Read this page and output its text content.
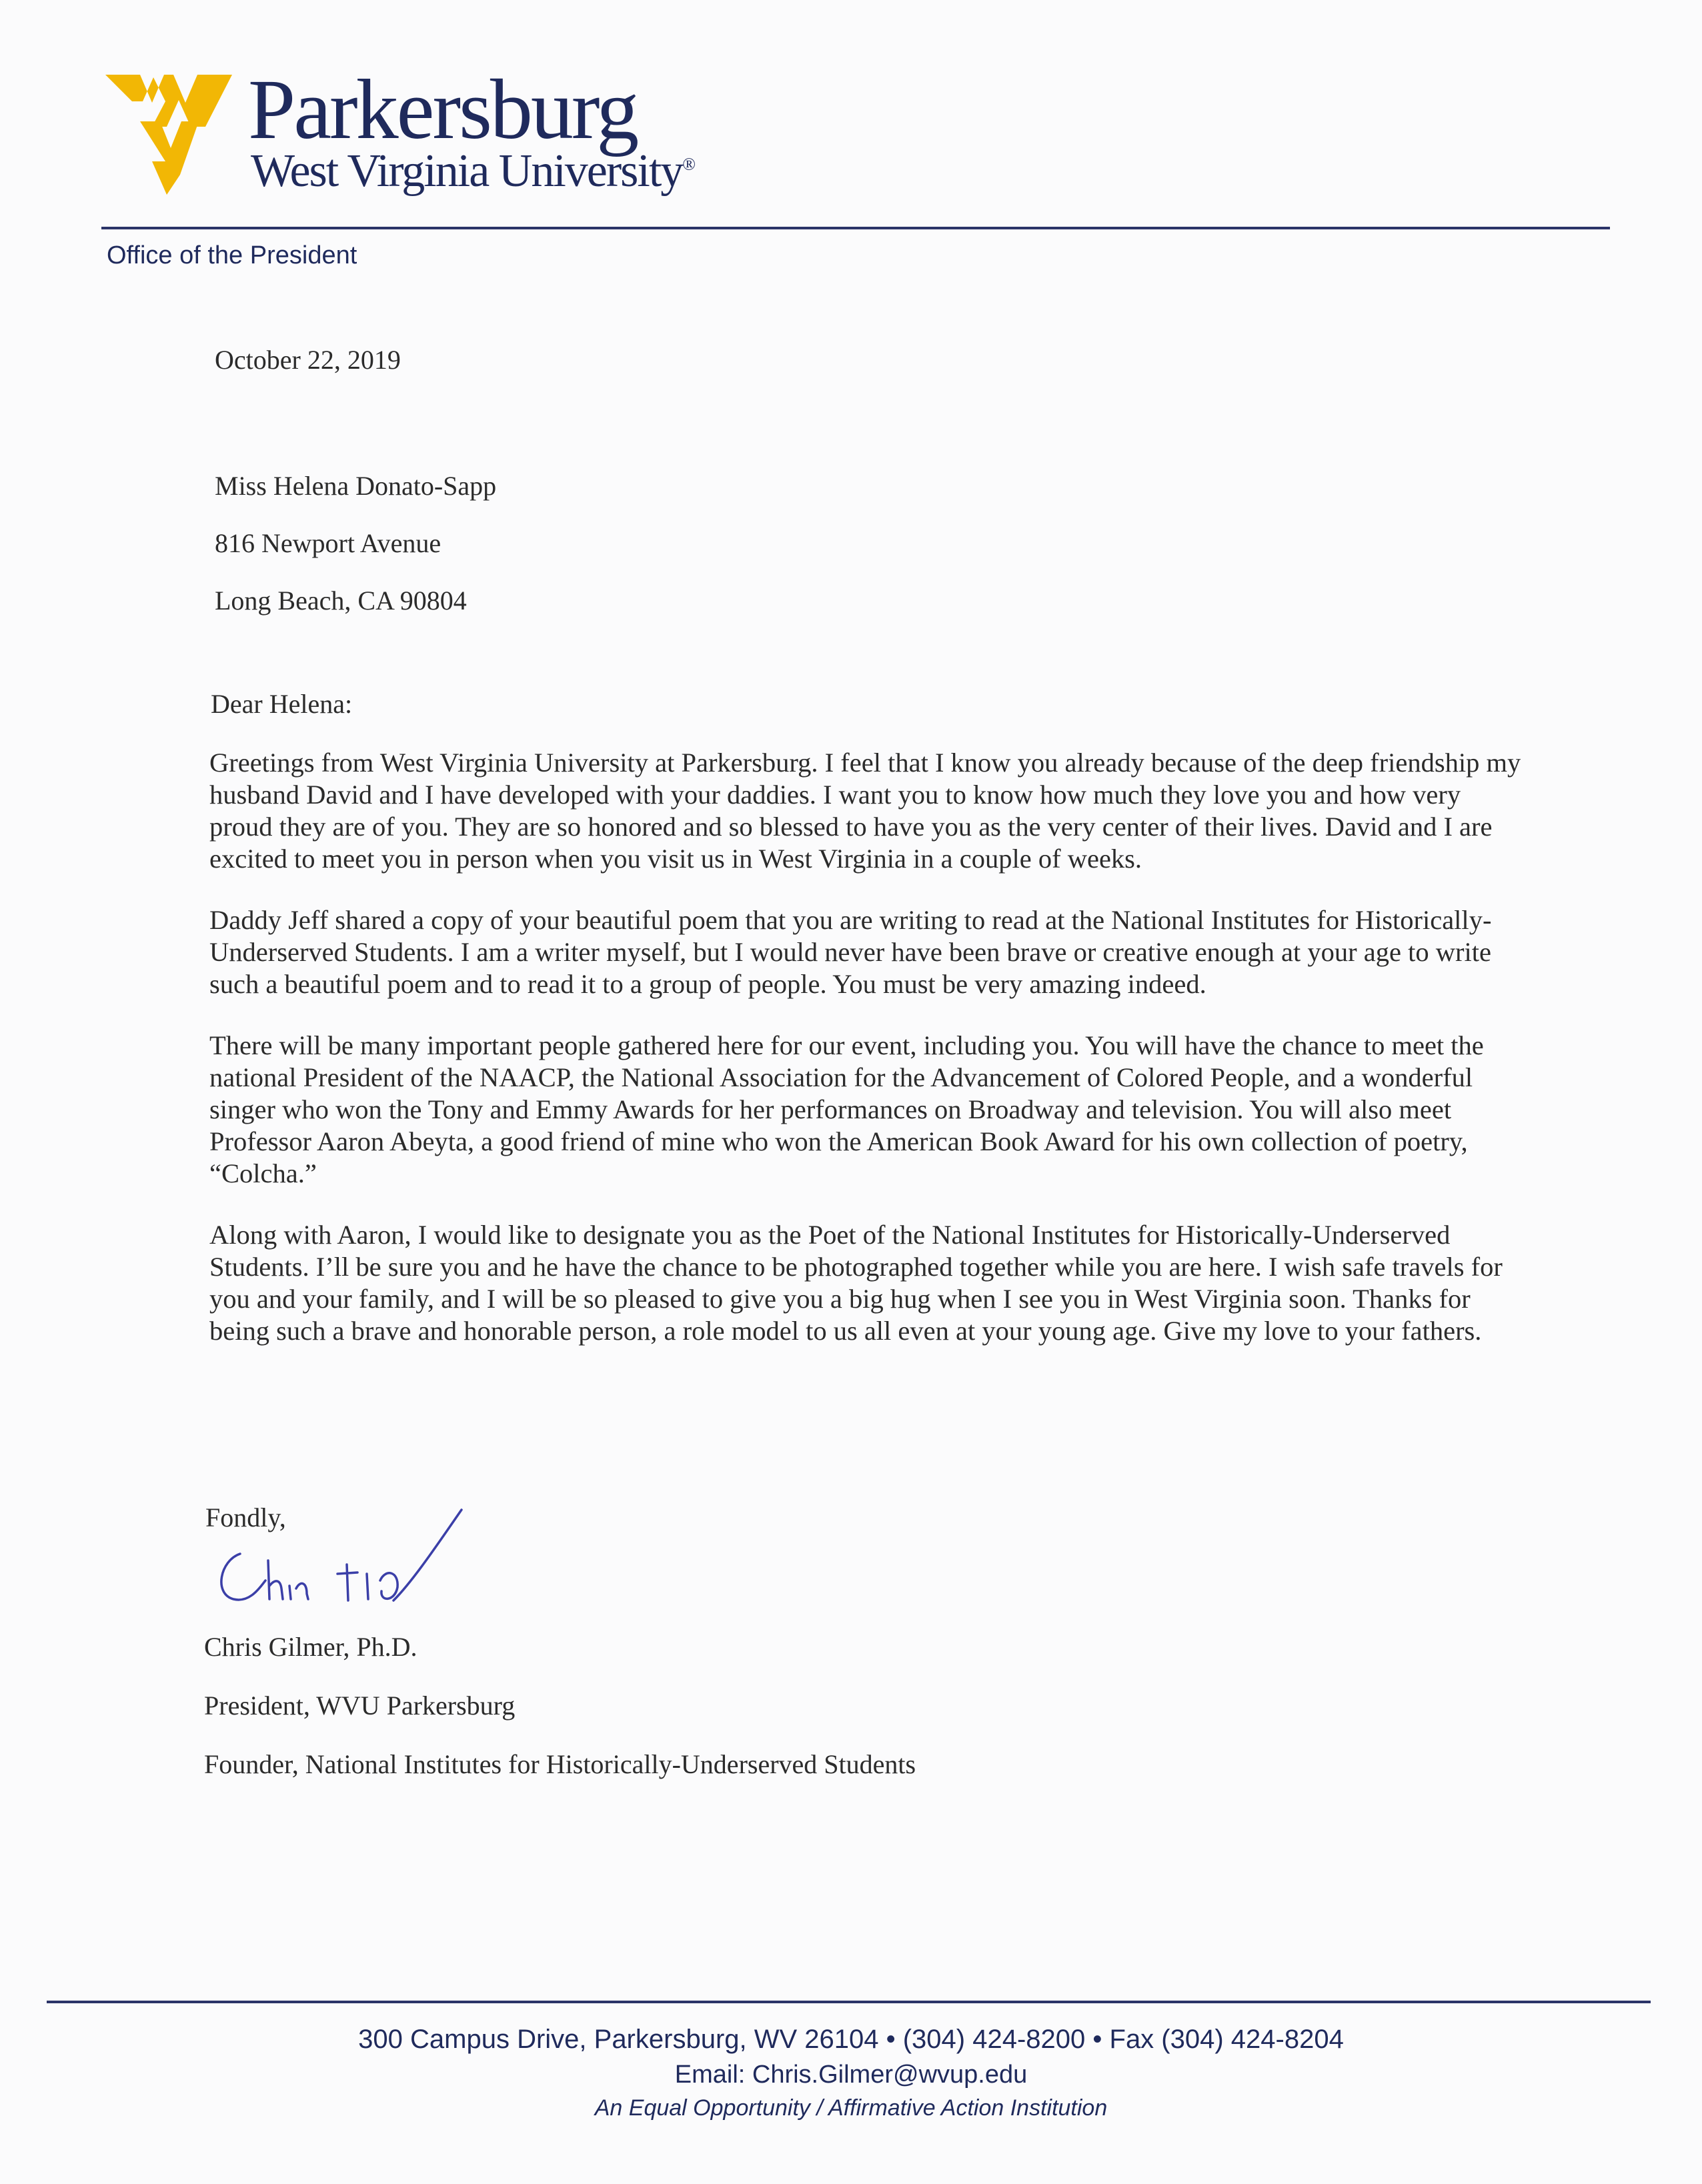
Parkersburg
West Virginia University®
Office of the President
October 22, 2019
Miss Helena Donato-Sapp
816 Newport Avenue
Long Beach, CA 90804
Dear Helena:

Greetings from West Virginia University at Parkersburg. I feel that I know you already because of the deep friendship my husband David and I have developed with your daddies. I want you to know how much they love you and how very proud they are of you. They are so honored and so blessed to have you as the very center of their lives. David and I are excited to meet you in person when you visit us in West Virginia in a couple of weeks.

Daddy Jeff shared a copy of your beautiful poem that you are writing to read at the National Institutes for Historically-Underserved Students. I am a writer myself, but I would never have been brave or creative enough at your age to write such a beautiful poem and to read it to a group of people. You must be very amazing indeed.

There will be many important people gathered here for our event, including you. You will have the chance to meet the national President of the NAACP, the National Association for the Advancement of Colored People, and a wonderful singer who won the Tony and Emmy Awards for her performances on Broadway and television. You will also meet Professor Aaron Abeyta, a good friend of mine who won the American Book Award for his own collection of poetry, “Colcha.”

Along with Aaron, I would like to designate you as the Poet of the National Institutes for Historically-Underserved Students. I’ll be sure you and he have the chance to be photographed together while you are here. I wish safe travels for you and your family, and I will be so pleased to give you a big hug when I see you in West Virginia soon. Thanks for being such a brave and honorable person, a role model to us all even at your young age. Give my love to your fathers.

Fondly,
Chris Gilmer, Ph.D.
President, WVU Parkersburg
Founder, National Institutes for Historically-Underserved Students
300 Campus Drive, Parkersburg, WV 26104 • (304) 424-8200 • Fax (304) 424-8204
Email: Chris.Gilmer@wvup.edu
An Equal Opportunity / Affirmative Action Institution
